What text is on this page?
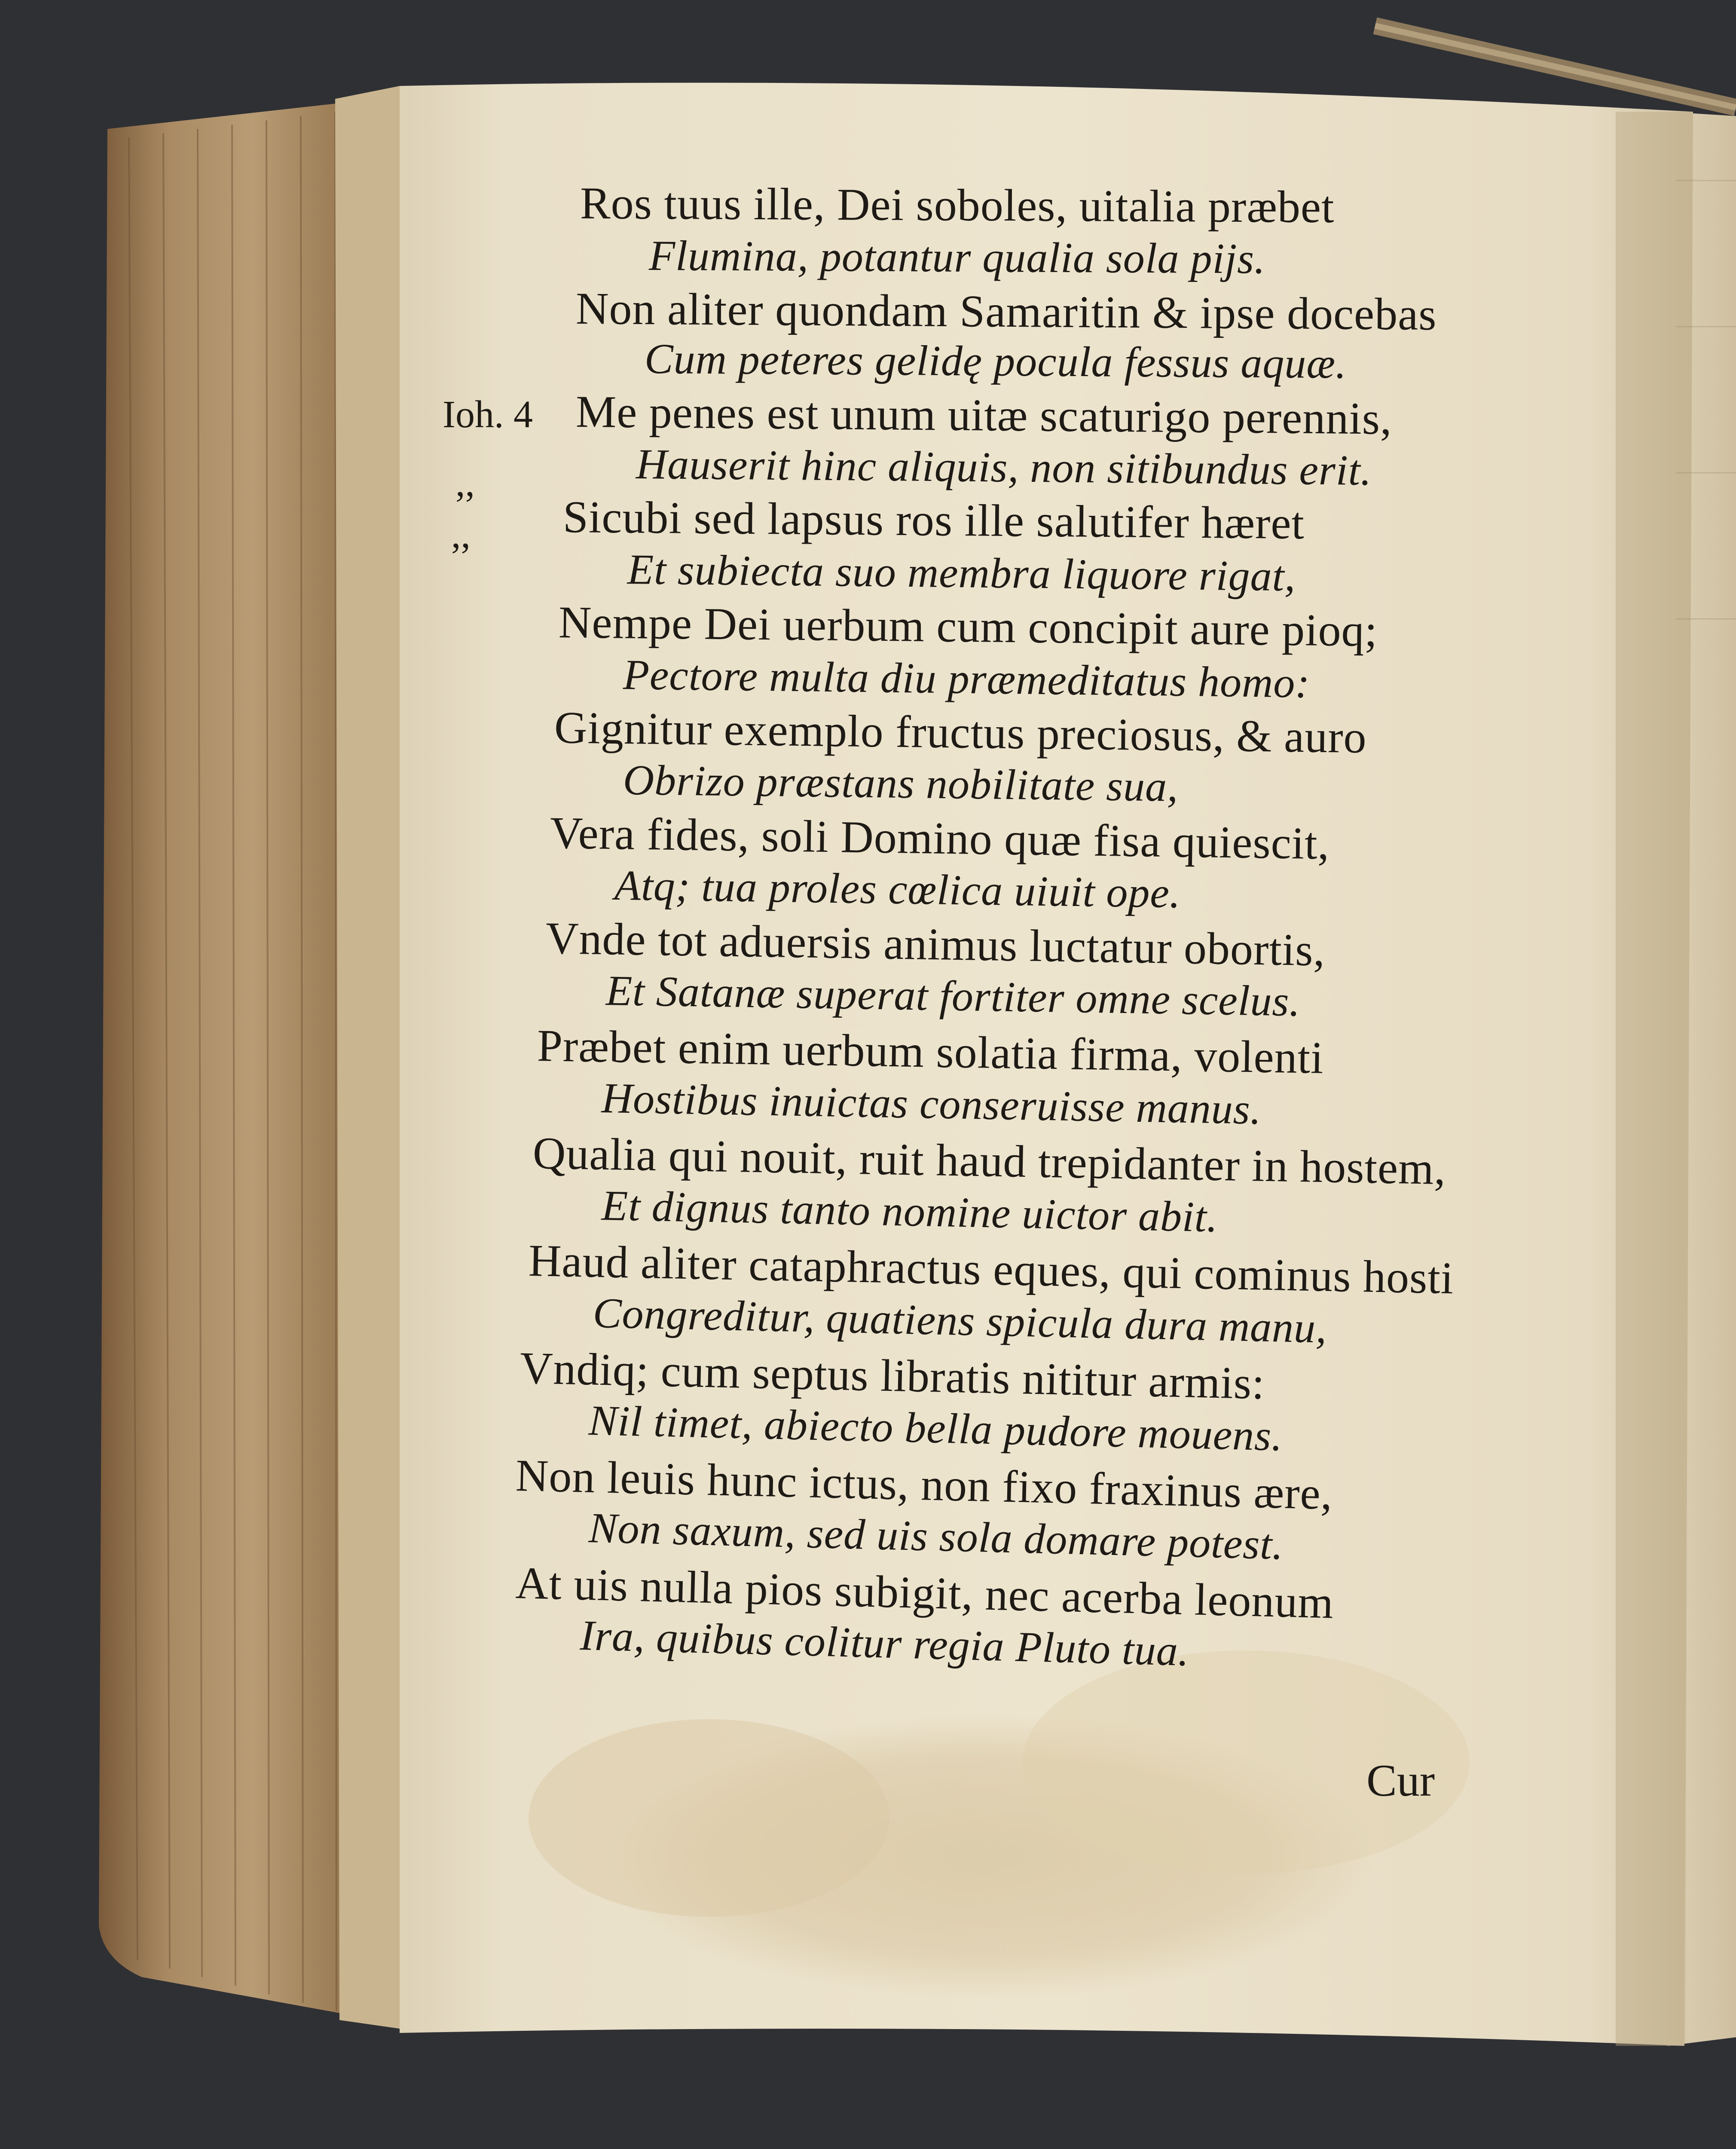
Ioh. 4
,,
,,
Ros tuus ille, Dei soboles, uitalia præbet
Flumina, potantur qualia sola pijs.
Non aliter quondam Samaritin & ipse docebas
Cum peteres gelidę pocula fessus aquæ.
Me penes est unum uitæ scaturigo perennis,
Hauserit hinc aliquis, non sitibundus erit.
Sicubi sed lapsus ros ille salutifer hæret
Et subiecta suo membra liquore rigat,
Nempe Dei uerbum cum concipit aure pioq;
Pectore multa diu præmeditatus homo:
Gignitur exemplo fructus preciosus, & auro
Obrizo præstans nobilitate sua,
Vera fides, soli Domino quæ fisa quiescit,
Atq; tua proles cœlica uiuit ope.
Vnde tot aduersis animus luctatur obortis,
Et Satanæ superat fortiter omne scelus.
Præbet enim uerbum solatia firma, volenti
Hostibus inuictas conseruisse manus.
Qualia qui nouit, ruit haud trepidanter in hostem,
Et dignus tanto nomine uictor abit.
Haud aliter cataphractus eques, qui cominus hosti
Congreditur, quatiens spicula dura manu,
Vndiq; cum septus libratis nititur armis:
Nil timet, abiecto bella pudore mouens.
Non leuis hunc ictus, non fixo fraxinus ære,
Non saxum, sed uis sola domare potest.
At uis nulla pios subigit, nec acerba leonum
Ira, quibus colitur regia Pluto tua.
Cur
